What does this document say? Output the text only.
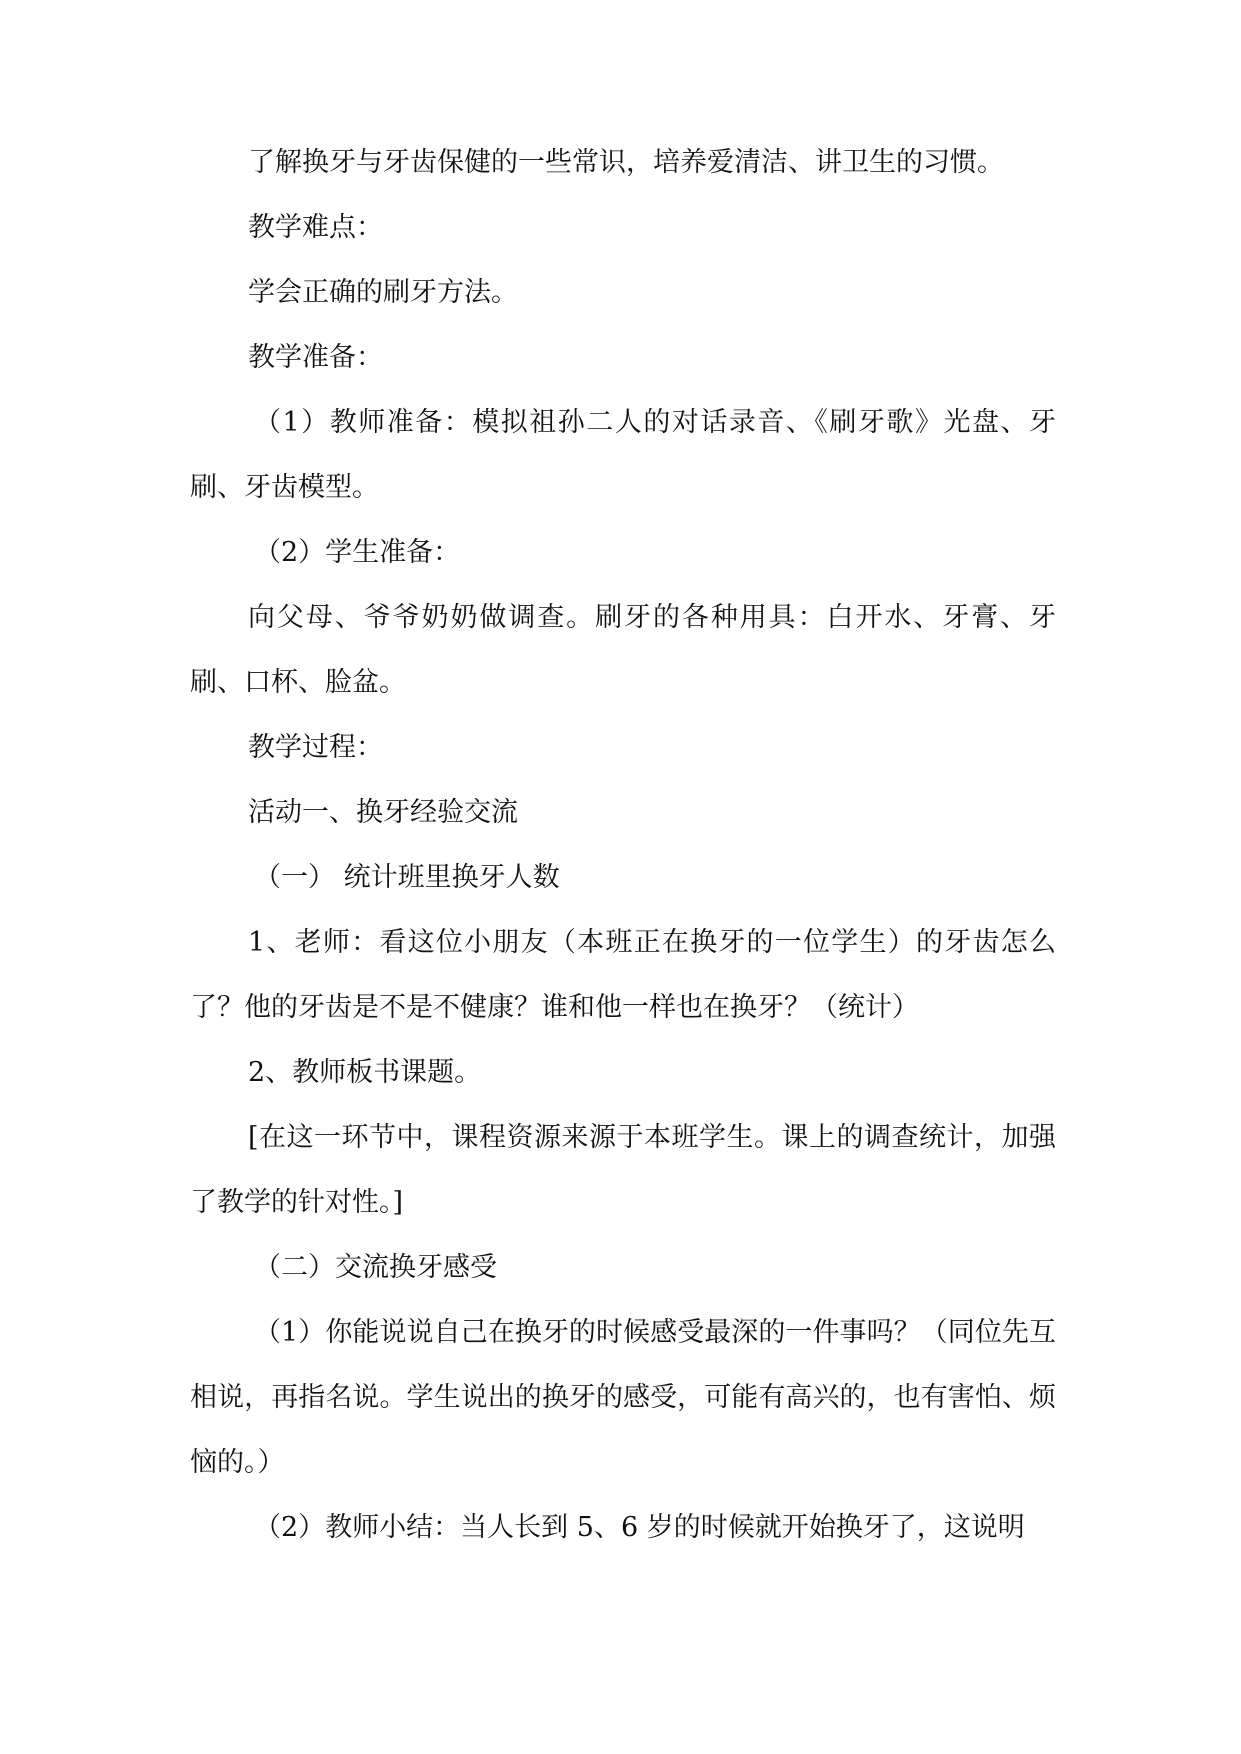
了解换牙与牙齿保健的一些常识，培养爱清洁、讲卫生的习惯。

教学难点：

学会正确的刷牙方法。

教学准备：

（1）教师准备：模拟祖孙二人的对话录音、《刷牙歌》光盘、牙刷、牙齿模型。

（2）学生准备：

向父母、爷爷奶奶做调查。刷牙的各种用具：白开水、牙膏、牙刷、口杯、脸盆。

教学过程：

活动一、换牙经验交流

（一） 统计班里换牙人数

1、老师：看这位小朋友（本班正在换牙的一位学生）的牙齿怎么了？他的牙齿是不是不健康？谁和他一样也在换牙？（统计）

2、教师板书课题。

[在这一环节中，课程资源来源于本班学生。课上的调查统计，加强了教学的针对性。]

（二）交流换牙感受

（1）你能说说自己在换牙的时候感受最深的一件事吗？（同位先互相说，再指名说。学生说出的换牙的感受，可能有高兴的，也有害怕、烦恼的。）

（2）教师小结：当人长到 5、6 岁的时候就开始换牙了，这说明
